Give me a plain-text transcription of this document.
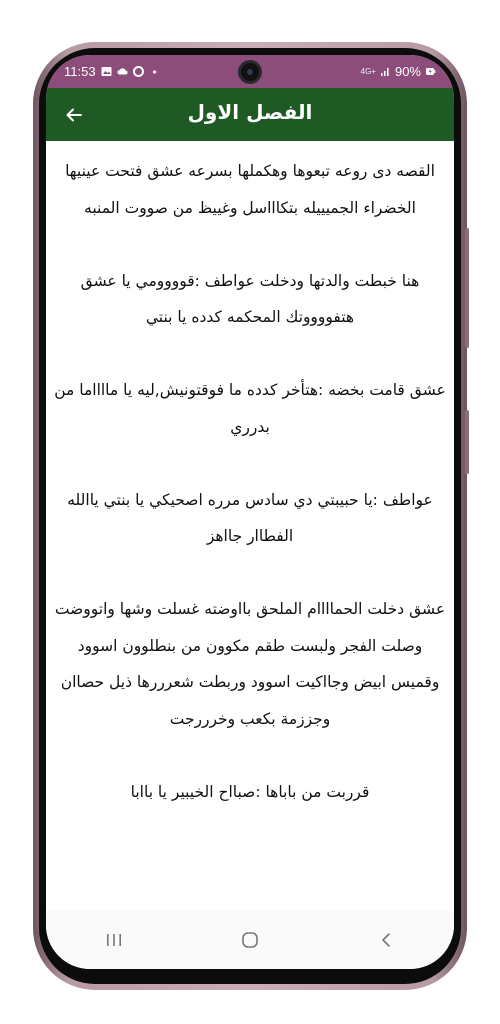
11:53	4G+ 90%
الفصل الاول

القصه دى روعه تبعوها وهكملها بسرعه عشق فتحت عينيها الخضراء الجميييله بتكاااسل وغييظ من صووت المنبه

هنا خبطت والدتها ودخلت عواطف :قوووومي يا عشق هتفووووتك المحكمه كدده يا بنتي

عشق قامت بخضه :هتأخر كدده ما فوقتونيش,ليه يا مااااما من بدرري

عواطف :يا حبيبتي دي سادس مرره اصحيكي يا بنتي ياالله الفطاار جااهز

عشق دخلت الحماااام الملحق بااوضته غسلت وشها واتووضت وصلت الفجر ولبست طقم مكوون من بنطلوون اسوود وقميس ابيض وجااكيت اسوود وربطت شعرررها ذيل حصاان وجززمة بكعب وخرررجت

قرربت من باباها :صبااح الخيبير يا باابا
